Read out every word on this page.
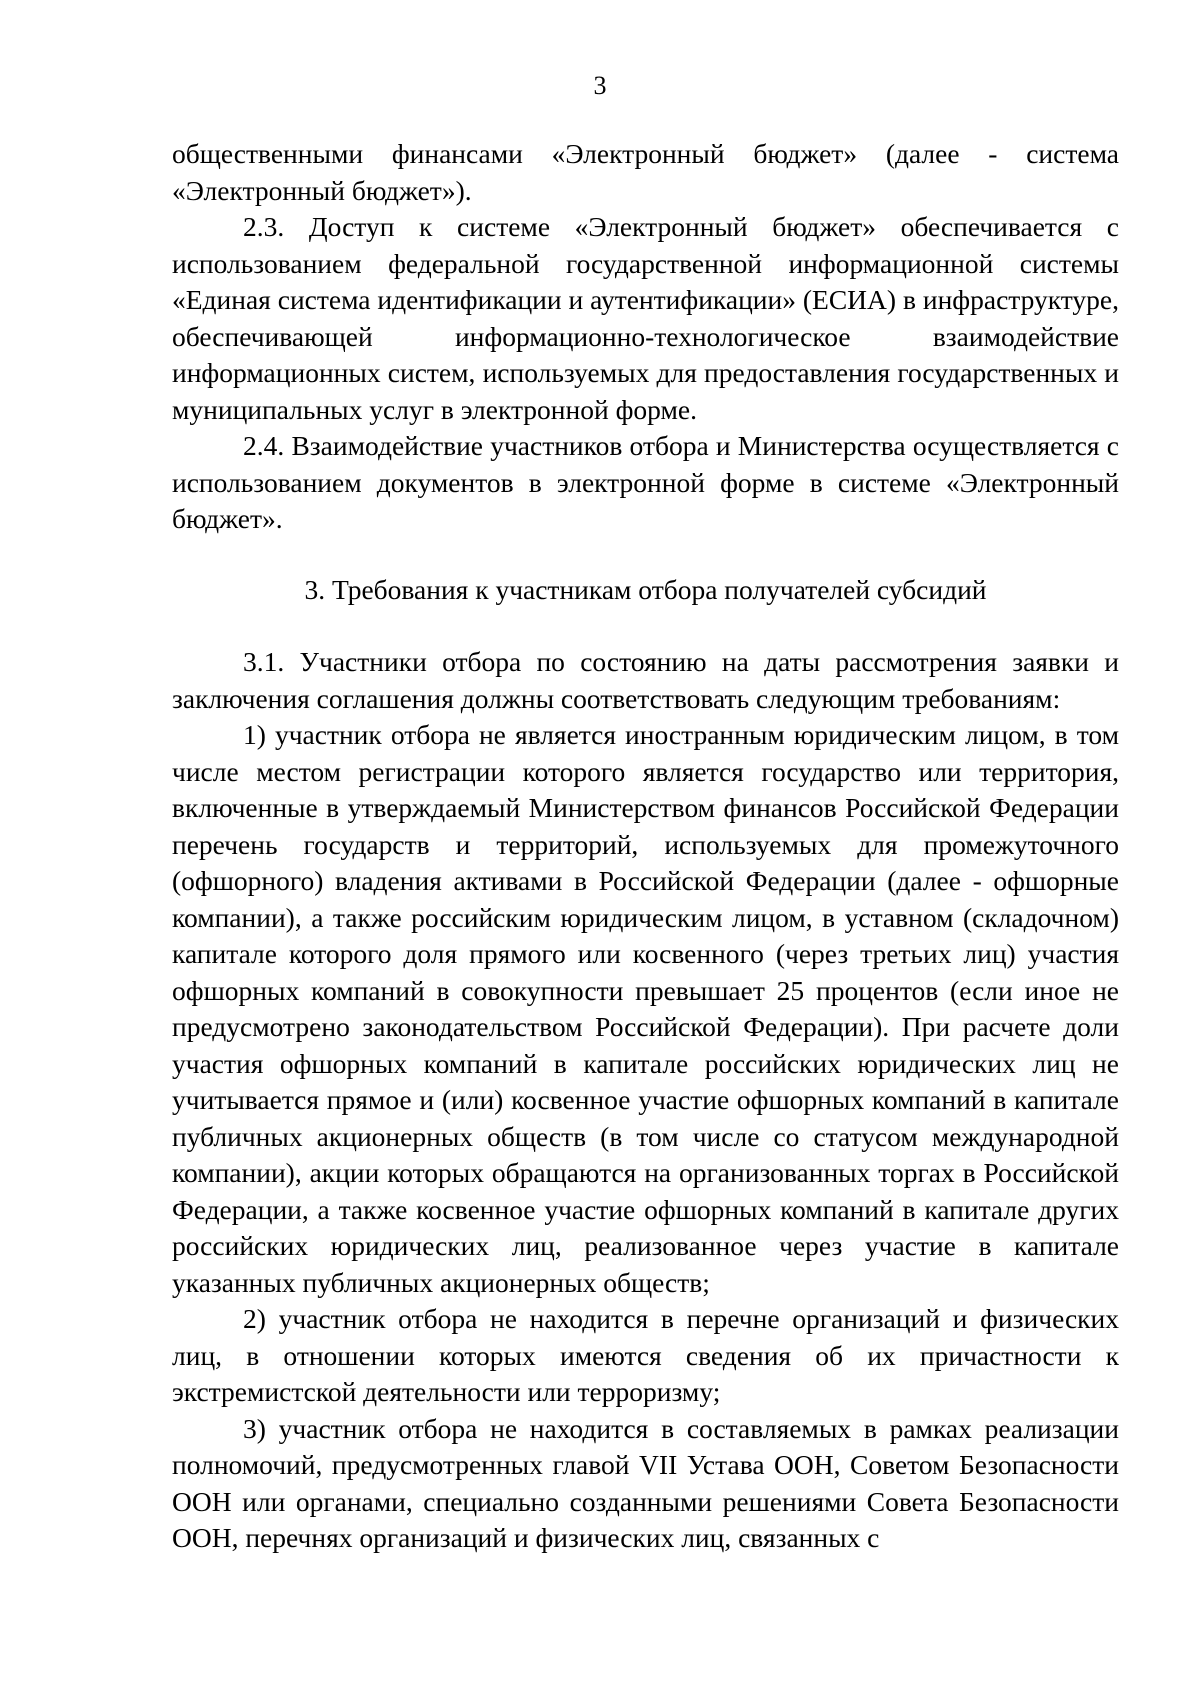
3

общественными финансами «Электронный бюджет» (далее - система «Электронный бюджет»).

2.3. Доступ к системе «Электронный бюджет» обеспечивается с использованием федеральной государственной информационной системы «Единая система идентификации и аутентификации» (ЕСИА) в инфраструктуре, обеспечивающей информационно-технологическое взаимодействие информационных систем, используемых для предоставления государственных и муниципальных услуг в электронной форме.

2.4. Взаимодействие участников отбора и Министерства осуществляется с использованием документов в электронной форме в системе «Электронный бюджет».

3. Требования к участникам отбора получателей субсидий

3.1. Участники отбора по состоянию на даты рассмотрения заявки и заключения соглашения должны соответствовать следующим требованиям:

1) участник отбора не является иностранным юридическим лицом, в том числе местом регистрации которого является государство или территория, включенные в утверждаемый Министерством финансов Российской Федерации перечень государств и территорий, используемых для промежуточного (офшорного) владения активами в Российской Федерации (далее - офшорные компании), а также российским юридическим лицом, в уставном (складочном) капитале которого доля прямого или косвенного (через третьих лиц) участия офшорных компаний в совокупности превышает 25 процентов (если иное не предусмотрено законодательством Российской Федерации). При расчете доли участия офшорных компаний в капитале российских юридических лиц не учитывается прямое и (или) косвенное участие офшорных компаний в капитале публичных акционерных обществ (в том числе со статусом международной компании), акции которых обращаются на организованных торгах в Российской Федерации, а также косвенное участие офшорных компаний в капитале других российских юридических лиц, реализованное через участие в капитале указанных публичных акционерных обществ;

2) участник отбора не находится в перечне организаций и физических лиц, в отношении которых имеются сведения об их причастности к экстремистской деятельности или терроризму;

3) участник отбора не находится в составляемых в рамках реализации полномочий, предусмотренных главой VII Устава ООН, Советом Безопасности ООН или органами, специально созданными решениями Совета Безопасности ООН, перечнях организаций и физических лиц, связанных с
